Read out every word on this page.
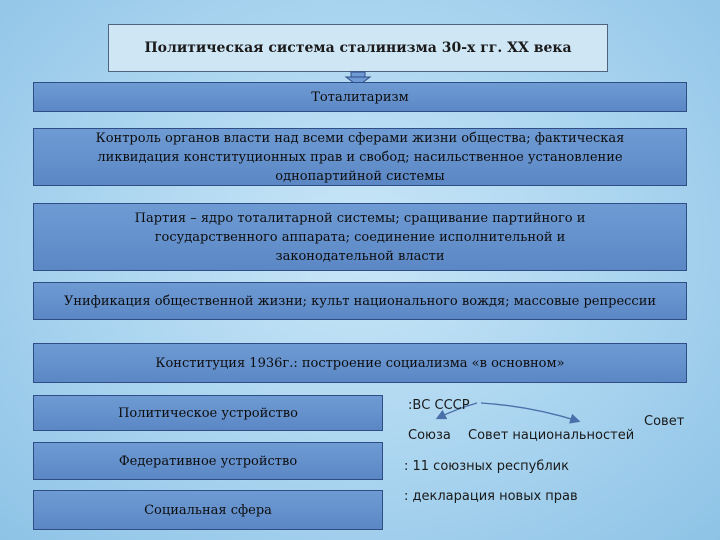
Политическая система сталинизма 30-х гг. XX века
Тоталитаризм
Контроль органов власти над всеми сферами жизни общества; фактическая ликвидация конституционных прав и свобод; насильственное установление однопартийной системы
Партия – ядро тоталитарной системы; сращивание партийного и государственного аппарата; соединение исполнительной и законодательной власти
Унификация общественной жизни; культ национального вождя; массовые репрессии
Конституция 1936г.: построение социализма «в основном»
Политическое устройство
Федеративное устройство
Социальная сфера
:ВС СССР
Союза Совет национальностей
Совет
: 11 союзных республик
: декларация новых прав
